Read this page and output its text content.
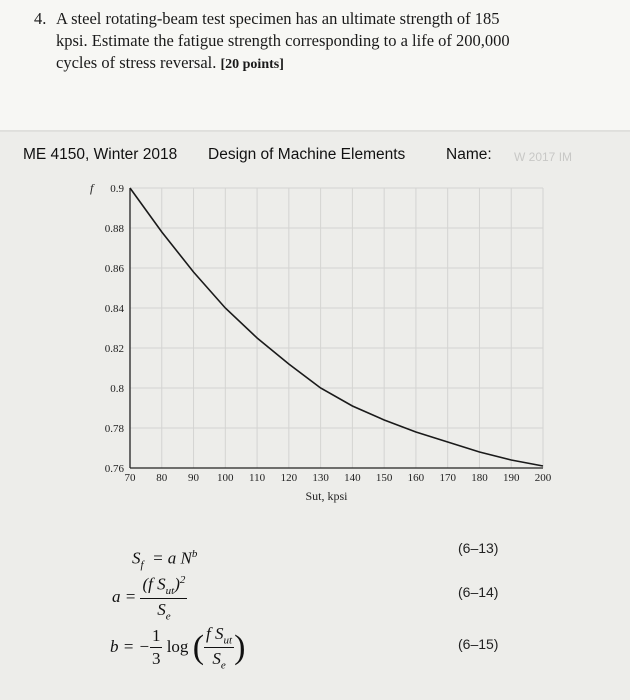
4. A steel rotating-beam test specimen has an ultimate strength of 185
kpsi. Estimate the fatigue strength corresponding to a life of 200,000
cycles of stress reversal. [20 points]
ME 4150, Winter 2018 Design of Machine Elements	Name: W 2017 IM
0.76
0.78
0.8
0.82
0.84
0.86
0.88
0.9
70 80 90 100 110 120 130 140 150 160 170 180 190 200
f
Sut, kpsi
$S_f = a$ $N^b$	(6–13)
$a = \frac{(f S_{ut})^2}{S_e}$	(6–14)
b = − $\frac{1}{3}$ log ( $\frac{f S_{ut}}{S_e}$ )	(6–15)
